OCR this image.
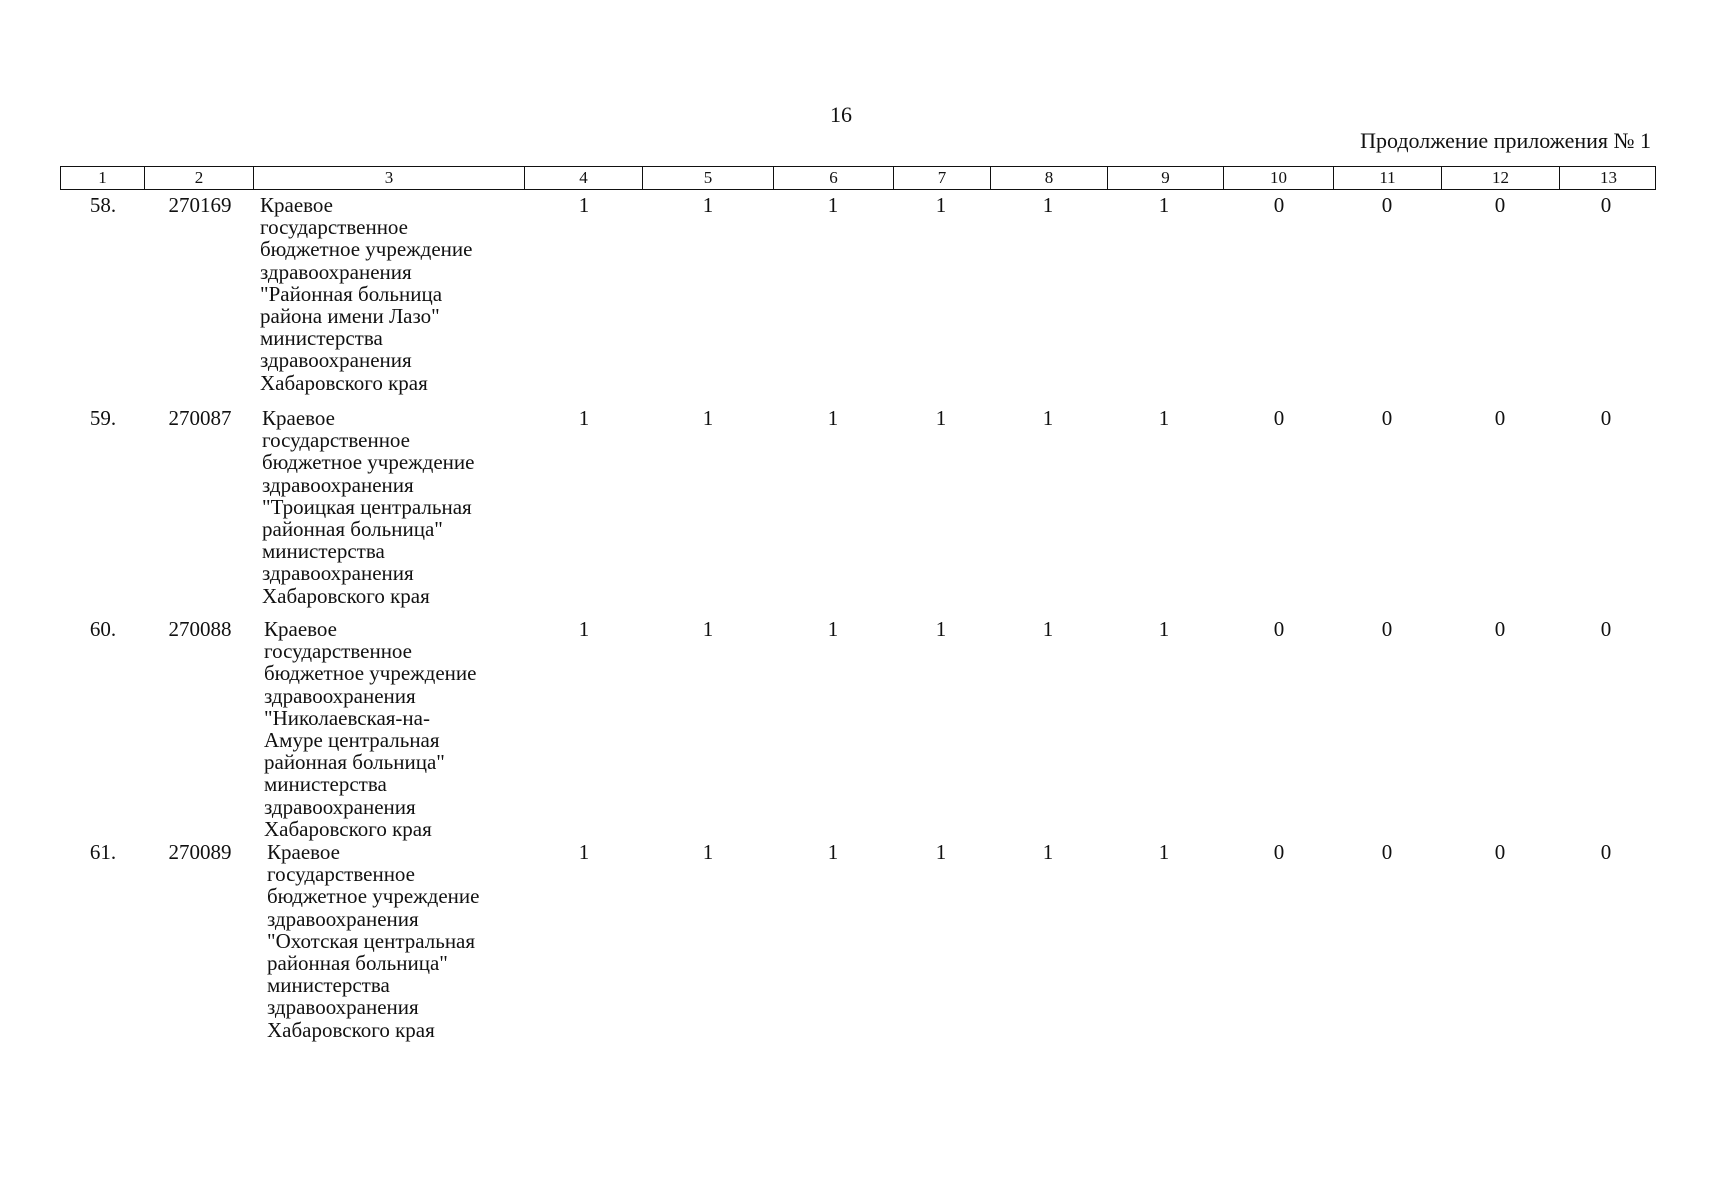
16
Продолжение приложения № 1
1	2	3	4	5	6	7	8	9	10	11	12	13
58.	270169	Краевое
государственное
бюджетное учреждение
здравоохранения
"Районная больница
района имени Лазо"
министерства
здравоохранения
Хабаровского края
1	1	1	1	1	1	0	0	0	0
59.	270087	Краевое
государственное
бюджетное учреждение
здравоохранения
"Троицкая центральная
районная больница"
министерства
здравоохранения
Хабаровского края
1	1	1	1	1	1	0	0	0	0
60.	270088	Краевое
государственное
бюджетное учреждение
здравоохранения
"Николаевская-на-
Амуре центральная
районная больница"
министерства
здравоохранения
Хабаровского края
1	1	1	1	1	1	0	0	0	0
61.	270089	Краевое
государственное
бюджетное учреждение
здравоохранения
"Охотская центральная
районная больница"
министерства
здравоохранения
Хабаровского края
1	1	1	1	1	1	0	0	0	0
